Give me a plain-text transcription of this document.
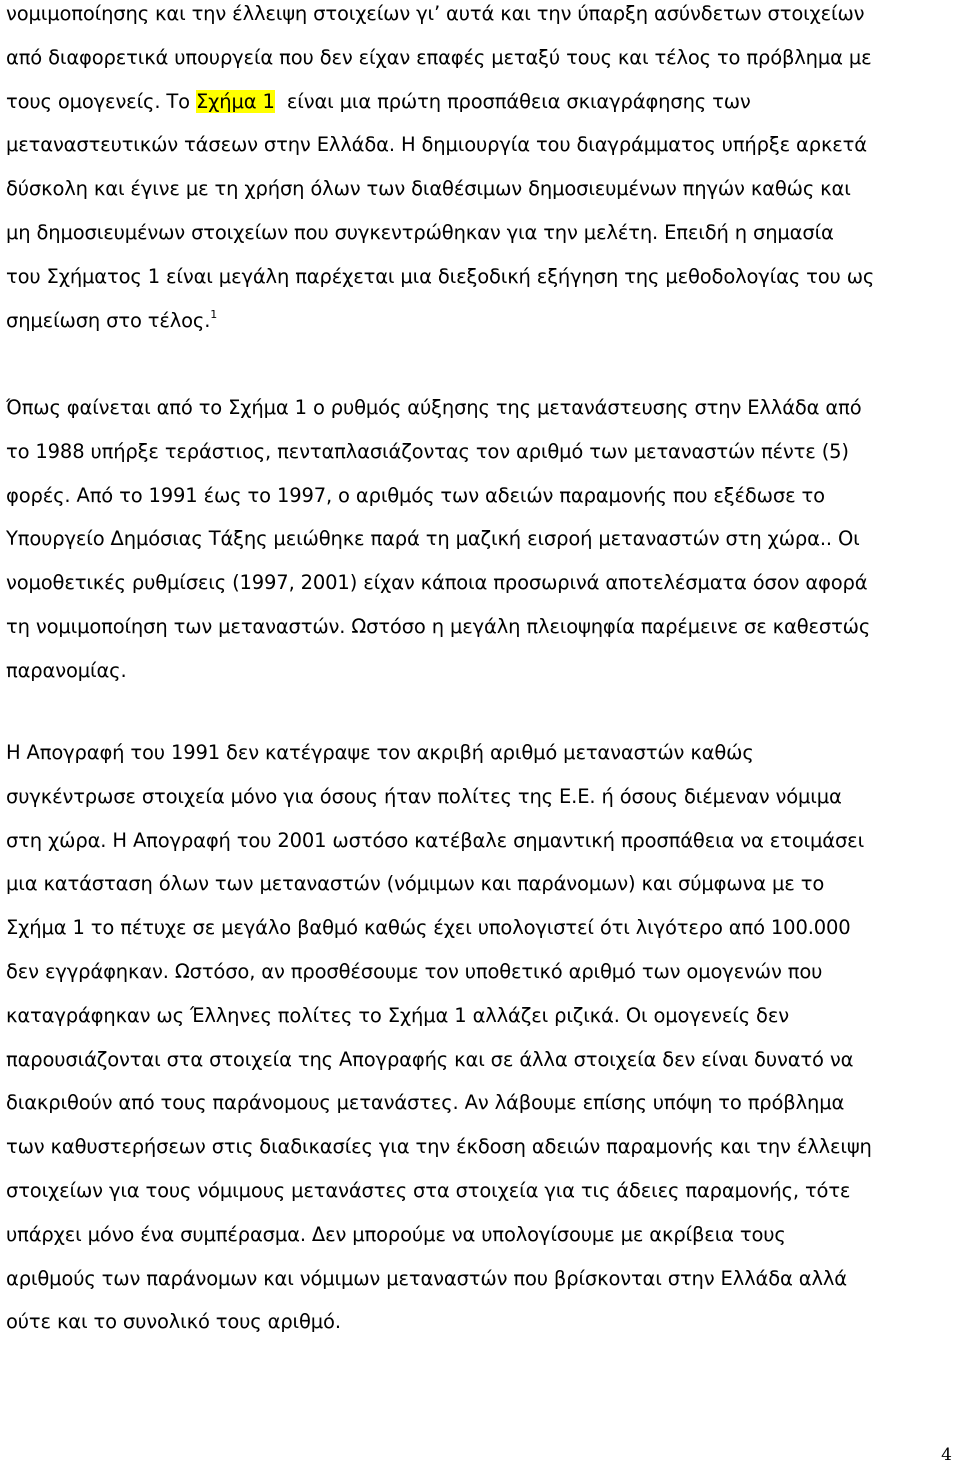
νομιμοποίησης και την έλλειψη στοιχείων γι’ αυτά και την ύπαρξη ασύνδετων στοιχείων
από διαφορετικά υπουργεία που δεν είχαν επαφές μεταξύ τους και τέλος το πρόβλημα με
τους ομογενείς. Το Σχήμα 1  είναι μια πρώτη προσπάθεια σκιαγράφησης των
μεταναστευτικών τάσεων στην Ελλάδα. Η δημιουργία του διαγράμματος υπήρξε αρκετά
δύσκολη και έγινε με τη χρήση όλων των διαθέσιμων δημοσιευμένων πηγών καθώς και
μη δημοσιευμένων στοιχείων που συγκεντρώθηκαν για την μελέτη. Επειδή η σημασία
του Σχήματος 1 είναι μεγάλη παρέχεται μια διεξοδική εξήγηση της μεθοδολογίας του ως
σημείωση στο τέλος.$^1$

Όπως φαίνεται από το Σχήμα 1 ο ρυθμός αύξησης της μετανάστευσης στην Ελλάδα από
το 1988 υπήρξε τεράστιος, πενταπλασιάζοντας τον αριθμό των μεταναστών πέντε (5)
φορές. Από το 1991 έως το 1997, ο αριθμός των αδειών παραμονής που εξέδωσε το
Υπουργείο Δημόσιας Τάξης μειώθηκε παρά τη μαζική εισροή μεταναστών στη χώρα.. Οι
νομοθετικές ρυθμίσεις (1997, 2001) είχαν κάποια προσωρινά αποτελέσματα όσον αφορά
τη νομιμοποίηση των μεταναστών. Ωστόσο η μεγάλη πλειοψηφία παρέμεινε σε καθεστώς
παρανομίας.

Η Απογραφή του 1991 δεν κατέγραψε τον ακριβή αριθμό μεταναστών καθώς
συγκέντρωσε στοιχεία μόνο για όσους ήταν πολίτες της Ε.Ε. ή όσους διέμεναν νόμιμα
στη χώρα. Η Απογραφή του 2001 ωστόσο κατέβαλε σημαντική προσπάθεια να ετοιμάσει
μια κατάσταση όλων των μεταναστών (νόμιμων και παράνομων) και σύμφωνα με το
Σχήμα 1 το πέτυχε σε μεγάλο βαθμό καθώς έχει υπολογιστεί ότι λιγότερο από 100.000
δεν εγγράφηκαν. Ωστόσο, αν προσθέσουμε τον υποθετικό αριθμό των ομογενών που
καταγράφηκαν ως Έλληνες πολίτες το Σχήμα 1 αλλάζει ριζικά. Οι ομογενείς δεν
παρουσιάζονται στα στοιχεία της Απογραφής και σε άλλα στοιχεία δεν είναι δυνατό να
διακριθούν από τους παράνομους μετανάστες. Αν λάβουμε επίσης υπόψη το πρόβλημα
των καθυστερήσεων στις διαδικασίες για την έκδοση αδειών παραμονής και την έλλειψη
στοιχείων για τους νόμιμους μετανάστες στα στοιχεία για τις άδειες παραμονής, τότε
υπάρχει μόνο ένα συμπέρασμα. Δεν μπορούμε να υπολογίσουμε με ακρίβεια τους
αριθμούς των παράνομων και νόμιμων μεταναστών που βρίσκονται στην Ελλάδα αλλά
ούτε και το συνολικό τους αριθμό.

4
